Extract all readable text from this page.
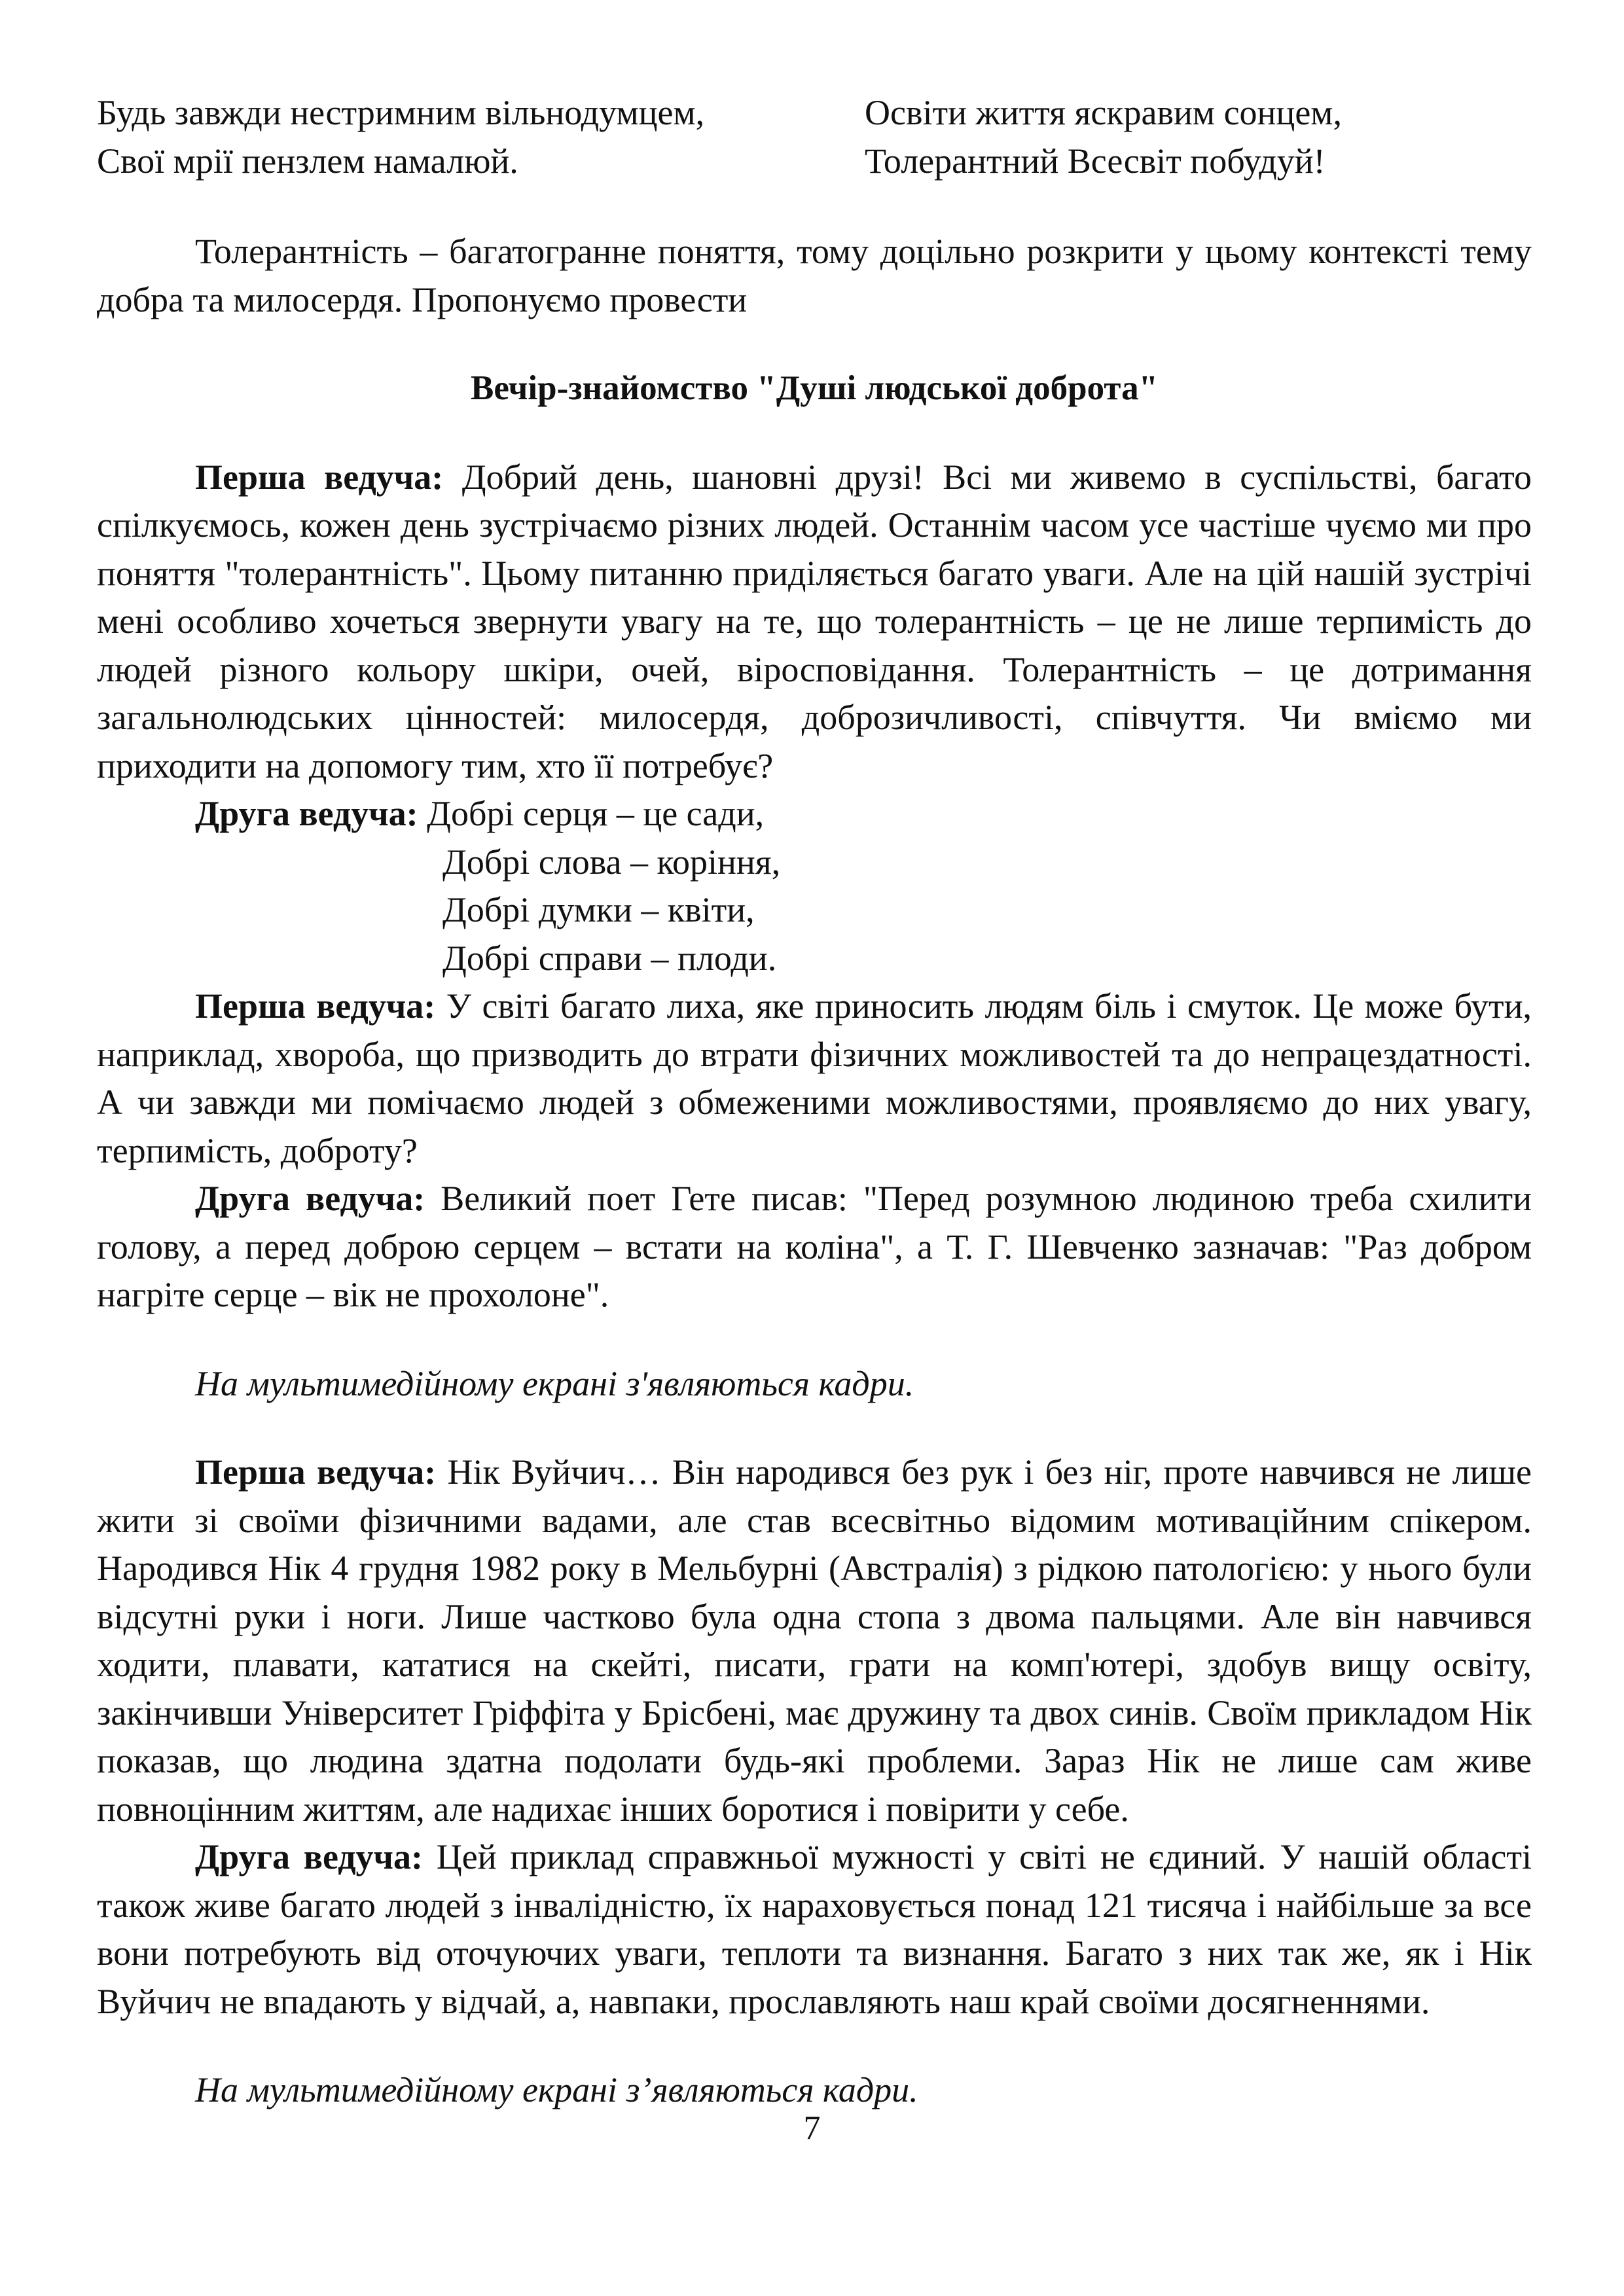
Будь завжди нестримним вільнодумцем,
Свої мрії пензлем намалюй.
Освіти життя яскравим сонцем,
Толерантний Всесвіт побудуй!

Толерантність – багатогранне поняття, тому доцільно розкрити у цьому контексті тему добра та милосердя. Пропонуємо провести

Вечір-знайомство "Душі людської доброта"

Перша ведуча: Добрий день, шановні друзі! Всі ми живемо в суспільстві, багато спілкуємось, кожен день зустрічаємо різних людей. Останнім часом усе частіше чуємо ми про поняття "толерантність". Цьому питанню приділяється багато уваги. Але на цій нашій зустрічі мені особливо хочеться звернути увагу на те, що толерантність – це не лише терпимість до людей різного кольору шкіри, очей, віросповідання. Толерантність – це дотримання загальнолюдських цінностей: милосердя, доброзичливості, співчуття. Чи вміємо ми приходити на допомогу тим, хто її потребує?

Друга ведуча: Добрі серця – це сади,
Добрі слова – коріння,
Добрі думки – квіти,
Добрі справи – плоди.

Перша ведуча: У світі багато лиха, яке приносить людям біль і смуток. Це може бути, наприклад, хвороба, що призводить до втрати фізичних можливостей та до непрацездатності. А чи завжди ми помічаємо людей з обмеженими можливостями, проявляємо до них увагу, терпимість, доброту?

Друга ведуча: Великий поет Гете писав: "Перед розумною людиною треба схилити голову, а перед доброю серцем – встати на коліна", а Т. Г. Шевченко зазначав: "Раз добром нагріте серце – вік не прохолоне".

На мультимедійному екрані з'являються кадри.

Перша ведуча: Нік Вуйчич… Він народився без рук і без ніг, проте навчився не лише жити зі своїми фізичними вадами, але став всесвітньо відомим мотиваційним спікером. Народився Нік 4 грудня 1982 року в Мельбурні (Австралія) з рідкою патологією: у нього були відсутні руки і ноги. Лише частково була одна стопа з двома пальцями. Але він навчився ходити, плавати, кататися на скейті, писати, грати на комп'ютері, здобув вищу освіту, закінчивши Університет Гріффіта у Брісбені, має дружину та двох синів. Своїм прикладом Нік показав, що людина здатна подолати будь-які проблеми. Зараз Нік не лише сам живе повноцінним життям, але надихає інших боротися і повірити у себе.

Друга ведуча: Цей приклад справжньої мужності у світі не єдиний. У нашій області також живе багато людей з інвалідністю, їх нараховується понад 121 тисяча і найбільше за все вони потребують від оточуючих уваги, теплоти та визнання. Багато з них так же, як і Нік Вуйчич не впадають у відчай, а, навпаки, прославляють наш край своїми досягненнями.

На мультимедійному екрані з’являються кадри.

7
